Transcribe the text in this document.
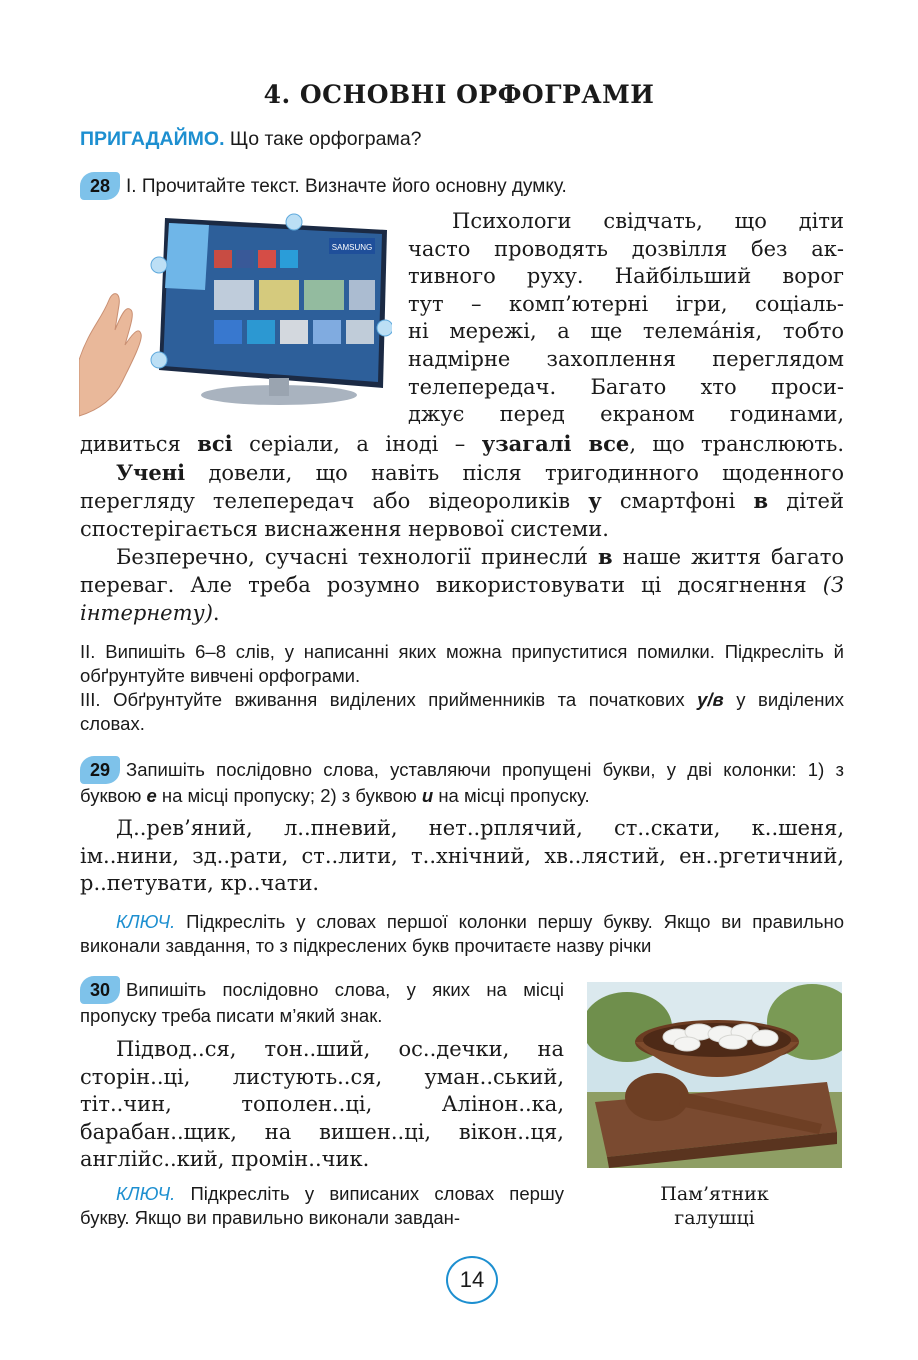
4. ОСНОВНІ ОРФОГРАМИ
ПРИГАДАЙМО. Що таке орфограма?
28 І. Прочитайте текст. Визначте його основну думку.
SAMSUNG
SMART HUB	Психологи свідчать, що діти
часто проводять дозвілля без ак-
тивного руху. Найбільший ворог
тут – комп’ютерні ігри, соціаль-
ні мережі, а ще телема́нія, тобто
надмірне захоплення переглядом
телепередач. Багато хто проси-
джує перед екраном годинами,
дивиться всі серіали, а іноді – узагалі все, що транслюють.
Учені довели, що навіть після тригодинного щоденного переглядy телепередач або відеороликів у смартфоні в дітей спостерігається виснаження нервової системи.
Безперечно, сучасні технології принесли́ в наше життя багато переваг. Але треба розумно використовувати ці досягнення (З інтернету).
ІІ. Випишіть 6–8 слів, у написанні яких можна припуститися помилки. Підкресліть й обґрунтуйте вивчені орфограми.
ІІІ. Обґрунтуйте вживання виділених прийменників та початкових у/в у виділених словах.
29 Запишіть послідовно слова, уставляючи пропущені букви, у дві колонки: 1) з буквою е на місці пропуску; 2) з буквою и на місці пропуску.
Д..рев’яний, л..пневий, нет..рплячий, ст..скати, к..шеня, ім..нини, зд..рати, ст..лити, т..хнічний, хв..лястий, ен..ргетичний, р..петувати, кр..чати.
КЛЮЧ. Підкресліть у словах першої колонки першу букву. Якщо ви правильно виконали завдання, то з підкреслених букв прочитаєте назву річки
30 Випишіть послідовно слова, у яких на місці пропуску треба писати м’який знак.
Підвод..ся, тон..ший, ос..дечки, на сторін..ці, листують..ся, уман..ський, тіт..чин, тополен..ці, Алінон..ка, барабан..щик, на вишен..ці, вікон..ця, англійс..кий, промін..чик.
КЛЮЧ. Підкресліть у виписаних словах першу букву. Якщо ви правильно виконали завдан-
Пам’ятник
галушці
14
